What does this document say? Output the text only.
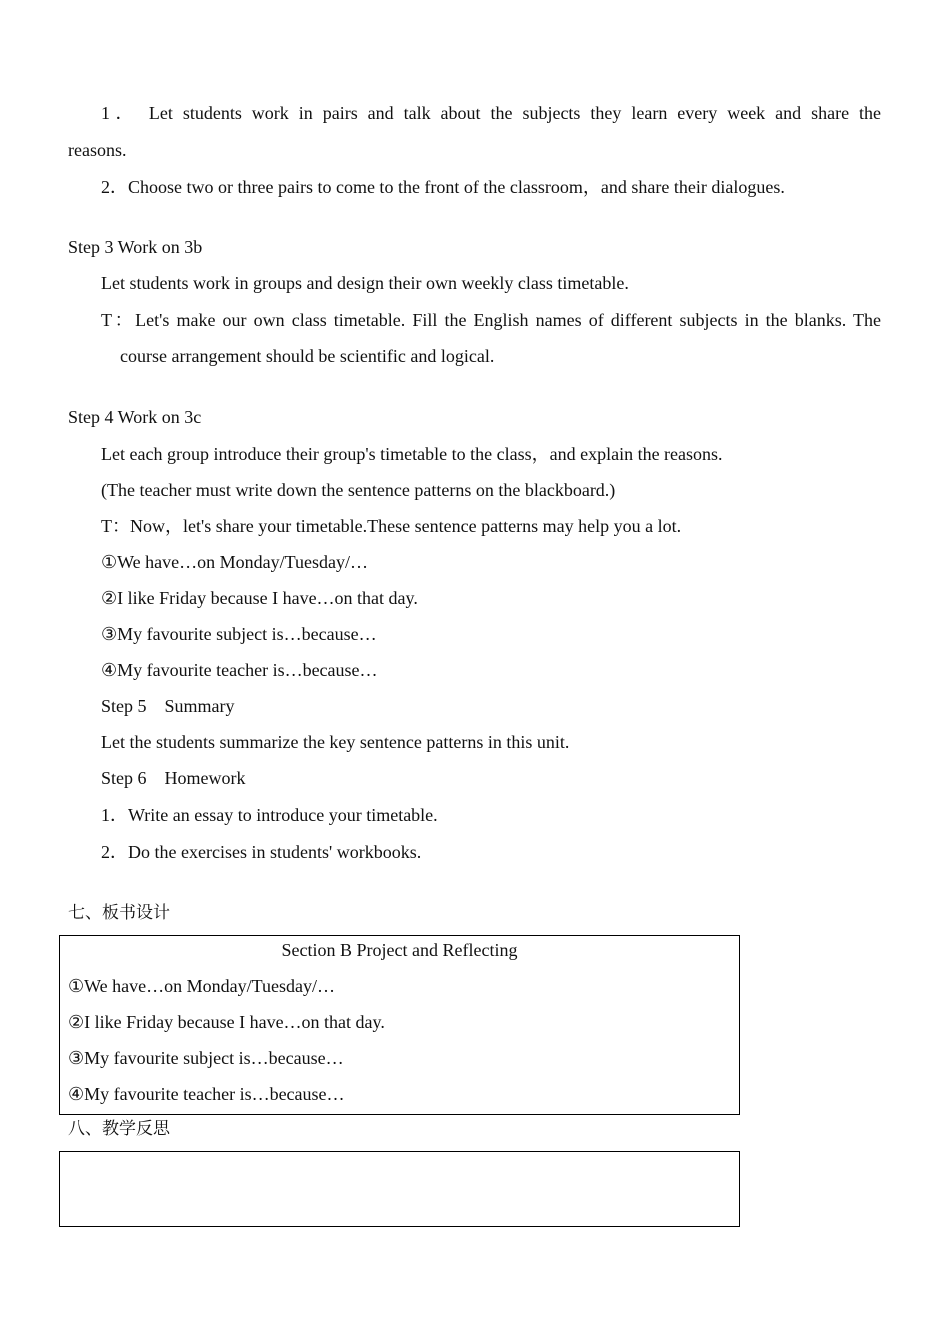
1． Let students work in pairs and talk about the subjects they learn every week and share the
reasons.
2．Choose two or three pairs to come to the front of the classroom，and share their dialogues.
Step 3 Work on 3b
Let students work in groups and design their own weekly class timetable.
T：Let's make our own class timetable. Fill the English names of different subjects in the blanks. The
course arrangement should be scientific and logical.
Step 4 Work on 3c
Let each group introduce their group's timetable to the class，and explain the reasons.
(The teacher must write down the sentence patterns on the blackboard.)
T：Now，let's share your timetable.These sentence patterns may help you a lot.
①We have…on Monday/Tuesday/…
②I like Friday because I have…on that day.
③My favourite subject is…because…
④My favourite teacher is…because…
Step 5　Summary
Let the students summarize the key sentence patterns in this unit.
Step 6　Homework
1．Write an essay to introduce your timetable.
2．Do the exercises in students' workbooks.
七、板书设计
Section B Project and Reflecting
①We have…on Monday/Tuesday/…
②I like Friday because I have…on that day.
③My favourite subject is…because…
④My favourite teacher is…because…
八、教学反思
